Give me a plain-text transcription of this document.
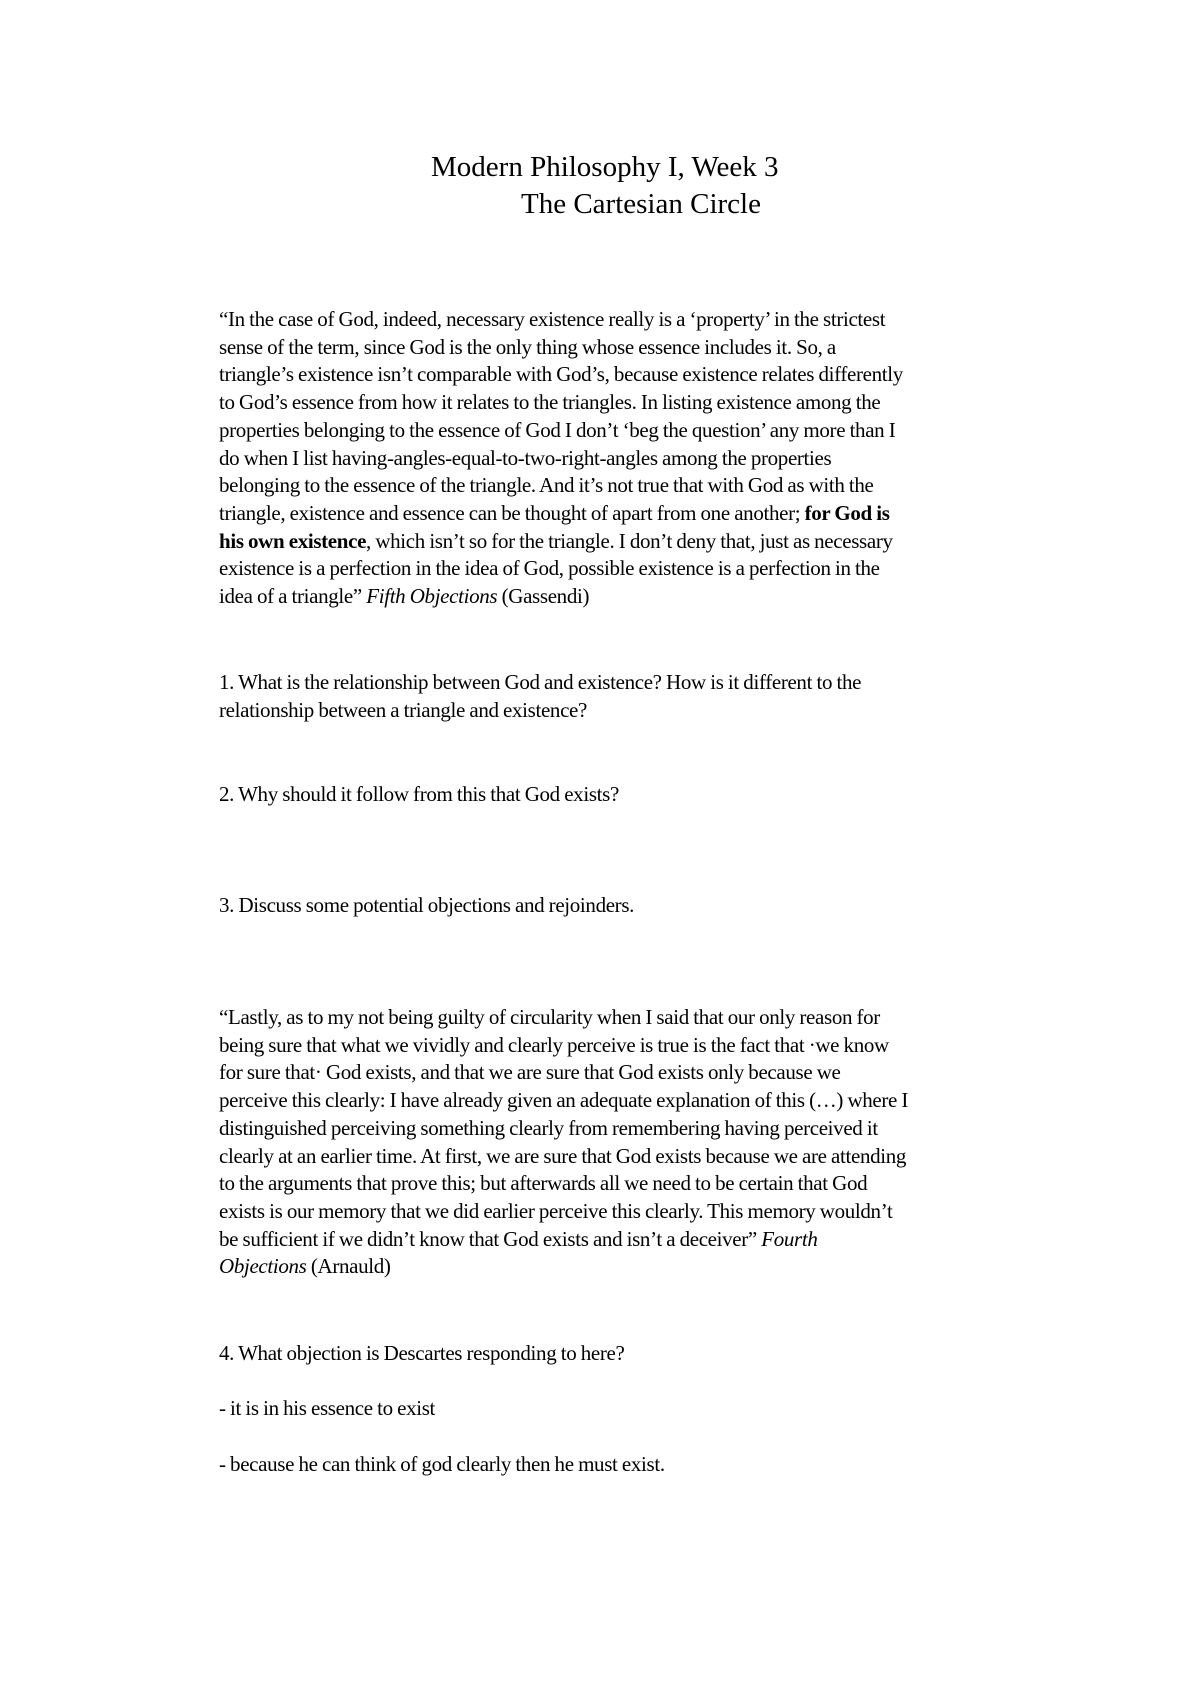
Modern Philosophy I, Week 3
The Cartesian Circle
“In the case of God, indeed, necessary existence really is a ‘property’ in the strictest
sense of the term, since God is the only thing whose essence includes it. So, a
triangle’s existence isn’t comparable with God’s, because existence relates differently
to God’s essence from how it relates to the triangles. In listing existence among the
properties belonging to the essence of God I don’t ‘beg the question’ any more than I
do when I list having-angles-equal-to-two-right-angles among the properties
belonging to the essence of the triangle. And it’s not true that with God as with the
triangle, existence and essence can be thought of apart from one another; for God is
his own existence, which isn’t so for the triangle. I don’t deny that, just as necessary
existence is a perfection in the idea of God, possible existence is a perfection in the
idea of a triangle” Fifth Objections (Gassendi)
1. What is the relationship between God and existence? How is it different to the
relationship between a triangle and existence?
2. Why should it follow from this that God exists?
3. Discuss some potential objections and rejoinders.
“Lastly, as to my not being guilty of circularity when I said that our only reason for
being sure that what we vividly and clearly perceive is true is the fact that ·we know
for sure that· God exists, and that we are sure that God exists only because we
perceive this clearly: I have already given an adequate explanation of this (…) where I
distinguished perceiving something clearly from remembering having perceived it
clearly at an earlier time. At first, we are sure that God exists because we are attending
to the arguments that prove this; but afterwards all we need to be certain that God
exists is our memory that we did earlier perceive this clearly. This memory wouldn’t
be sufficient if we didn’t know that God exists and isn’t a deceiver” Fourth
Objections (Arnauld)
4. What objection is Descartes responding to here?
- it is in his essence to exist
- because he can think of god clearly then he must exist.
